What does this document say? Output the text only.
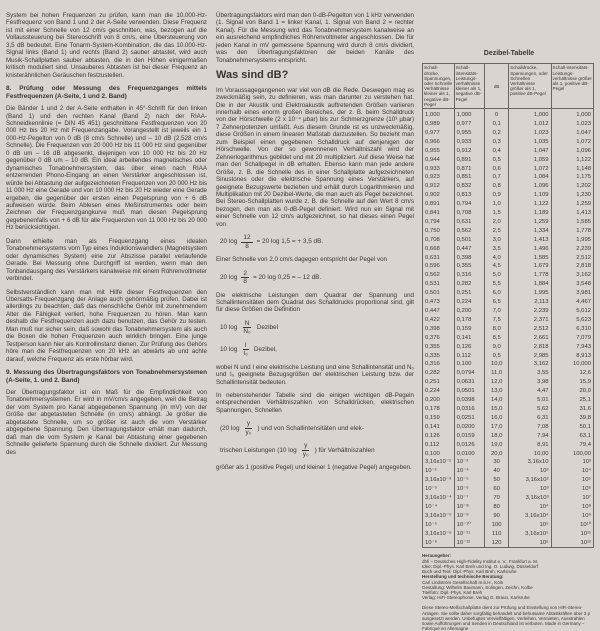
System bei hohen Frequenzen zu prüfen, kann man die 10.000-Hz-Festfrequenz von Band 1 und 2 der A-Seite verwenden. Diese Frequenz ist mit einer Schnelle von 12 cm/s geschnitten, was, bezogen auf die Vollaussteuerung bei Stereoschrift von 8 cm/s, eine Übersteuerung von 3,5 dB bedeutet. Eine Tonarm-System-Kombination, die das 10.000-Hz-Signal links (Band 1) und rechts (Band 2) sauber abtastet, wird auch Musik-Schallplatten sauber abtasten, die in den Höhen einigermaßen kritisch moduliert sind. Unsauberes Abtasten ist bei dieser Frequenz an knisterähnlichen Geräuschen festzustellen.

8. Prüfung oder Messung des Frequenzganges mittels Festfrequenzen (A-Seite, 1 und 2. Band)

Die Bänder 1 und 2 der A-Seite enthalten in 45°-Schrift für den linken (Band 1) und den rechten Kanal (Band 2) nach der RIAA-Schneidkennlinie (= DIN 45 451) geschnittene Festfrequenzen von 20 000 Hz bis 20 Hz mit Frequenzangabe. Vorangestellt ist jeweils ein 1 000-Hz-Pegelton von 0 dB (8 cm/s Schnelle) und – 10 dB (2,528 cm/s Schnelle). Die Frequenzen von 20 000 Hz bis 11 000 Hz sind gegenüber 0 dB um – 16 dB abgesenkt, diejenigen von 10 000 Hz bis 20 Hz gegenüber 0 dB um – 10 dB. Ein ideal arbeitendes magnetisches oder dynamisches Tonabnehmersystem, das über einen nach RIAA entzerrenden Phono-Eingang an einen Verstärker angeschlossen ist, würde bei Abtastung der aufgezeichneten Frequenzen von 20 000 Hz bis 11 000 Hz eine Gerade und von 10 000 Hz bis 20 Hz wieder eine Gerade ergeben, die gegenüber der ersten einen Pegelsprung von + 6 dB aufweisen würde. Beim Ablesen eines Meßinstrumentes oder beim Zeichnen der Frequenzgangkurve muß man diesen Pegelsprung gegebenenfalls von + 6 dB für alle Frequenzen von 11 000 Hz bis 20 000 Hz berücksichtigen.

Dann erhielte man als Frequenzgang eines idealen Tonabnehmersystems vom Typ eines Induktionswandlers (Magnetsystem oder dynamisches System) eine zur Abszisse parallel verlaufende Gerade. Bei Messung ohne Durchgriff ist werden, wenn man den Tonbandausgang des Verstärkers kanalweise mit einem Röhrenvoltmeter verbindet.

Selbstverständlich kann man mit Hilfe dieser Festfrequenzen den Übersatts-Frequenzgang der Anlage auch gehörmäßig prüfen. Dabei ist allerdings zu beachten, daß das menschliche Gehör mit zunehmendem Alter die Fähigkeit verliert, hohe Frequenzen zu hören. Man kann deshalb die Festfrequenzen auch dazu benutzen, das Gehör zu testen. Man muß nur sicher sein, daß sowohl das Tonabnehmersystem als auch die Boxen die hohen Frequenzen auch wirklich bringen. Eine junge Testperson kann hier als Kontrollinstanz dienen. Zur Prüfung des Gehörs höre man die Festfrequenzen von 20 kHz an abwärts ab und achte darauf, welche Frequenz als erste hörbar wird.

9. Messung des Übertragungsfaktors von Tonabnehmersystemen (A-Seite, 1. und 2. Band)

Der Übertragungsfaktor ist ein Maß für die Empfindlichkeit von Tonabnehmersystemen. Er wird in mV/cm/s angegeben, weil die Betrag der vom System pro Kanal abgegebenen Spannung (in mV) von der Größe der abgetasteten Schnelle (in cm/s) abhängt. Je größer die abgetastete Schnelle, um so größer ist auch die vom Verstärker abgegebene Spannung. Den Übertragungsfaktor erhält man dadurch, daß man die vom System je Kanal bei Abtastung einer gegebenen Schnelle gelieferte Spannung durch die Schnelle dividiert. Zur Messung des

Übertragungsfaktors wird man den 0-dB-Pegelton von 1 kHz verwenden (1. Signal von Band 1 = linker Kanal, 1. Signal von Band 2 = rechter Kanal). Für die Messung wird das Tonabnehmersystem kanalweise an ein ausreichend empfindliches Röhrenvoltmeter angeschlossen. Die für jeden Kanal in mV gemessene Spannung wird durch 8 cm/s dividiert, was den Übertragungsfaktoren der beiden Kanäle des Tonabnehmersystems entspricht.

Was sind dB?

Im Voraussagegangenen war viel von dB die Rede. Deswegen mag es zweckmäßig sein, zu definieren, was man darunter zu verstehen hat. Die in der Akustik und Elektroakustik auftretenden Größen variieren innerhalb eines enorm großen Bereiches, der z. B. beim Schalldruck von der Hörschwelle (2 x 10⁻⁴ µbar) bis zur Schmerzgrenze (10³ µbar) 7 Zehnerpotenzen umfaßt. Aus diesem Grunde ist es unzweckmäßig, diese Größen in einem linearen Maßstab darzustellen. So bezieht man zum Beispiel einen gegebenen Schalldruck auf denjenigen der Hörschwelle. Von der so gewonnenen Verhältniszahl wird der Zehnerlogarithmus gebildet und mit 20 multipliziert. Auf diese Weise hat man den Schallpegel in dB erhalten. Ebenso kann man jede andere Größe, z. B. die Schnelle des in einer Schallplatte aufgezeichneten Sinustones oder die elektrische Spannung eines Verstärkers, auf geeignete Bezugswerte beziehen und erhält durch Logarithmieren und Multiplikation mit 20 Dezibel-Werte, die man auch als Pegel bezeichnet. Bei Stereo-Schallplatten wurde z. B. die Schnelle auf den Wert 8 cm/s bezogen, den man als 0-dB-Pegel definiert. Wird nun ein Signal mit einer Schnelle von 12 cm/s aufgezeichnet, so hat dieses einen Pegel von

20 $\log \frac{12}{8} = 20$ log 1,5 = + 3,5 dB.

Einer Schnelle von 2,0 cm/s dagegen entspricht der Pegel von

20 $\log \frac{2}{8} = 20$ log 0,25 = – 12 dB.

Die elektrische Leistungen dem Quadrat der Spannung und Schallintensitäten dem Quadrat des Schalldrucks proportional sind, gilt für diese Größen die Definition

10 $\log \frac{N}{\text{N₀}}$ Dezibel
10 $\log \frac{I}{\text{I₀}}$ Dezibel,

wobei N und I eine elektrische Leistung und eine Schallintensität und N₀ und I₀ geeignete Bezugsgrößen der elektrischen Leistung bzw. der Schallintensität bedeuten.

In nebenstehender Tabelle sind die einigen wichtigen dB-Pegeln entsprechenden Verhältniszahlen von Schalldrücken, elektrischen Spannungen, Schnellen

(20 $\log \frac{y}{\text{y₀}}$ ) und von Schallintensitäten und elek-
trischen Leistungen (10 $\log \frac{y}{\text{y₀}}$ ) für Verhältniszahlen

größer als 1 (positive Pegel) und kleiner 1 (negative Pegel) angegeben.

Dezibel-Tabelle
Schall-drücke, Spannungen, oder Schnelle Verhältnisse kleiner als 1, negative dB-Pegel	Schall-intensitäts-Leistungs-verhältnisse kleiner als 1, negative dB-Pegel	dB	Schalldrücke, Spannungen, oder Schnellen Verhältnisse größer als 1, positive dB-Pegel	Schall-intensitäts-Leistungs-verhältnisse größer als 1, positive dB-Pegel
1,000	1,000	0	1,000	1,000
0,989	0,977	0,1	1,012	1,023
0,977	0,955	0,2	1,023	1,047
0,966	0,933	0,3	1,035	1,072
0,955	0,912	0,4	1,047	1,096
0,944	0,891	0,5	1,059	1,122
0,933	0,871	0,6	1,072	1,148
0,923	0,851	0,7	1,084	1,175
0,912	0,832	0,8	1,096	1,202
0,902	0,813	0,9	1,109	1,230
0,891	0,794	1,0	1,122	1,259
0,841	0,708	1,5	1,189	1,413
0,794	0,631	2,0	1,259	1,585
0,750	0,562	2,5	1,334	1,778
0,708	0,501	3,0	1,413	1,995
0,668	0,447	3,5	1,496	2,239
0,631	0,398	4,0	1,585	2,512
0,596	0,355	4,5	1,679	2,818
0,562	0,316	5,0	1,778	3,162
0,531	0,282	5,5	1,884	3,548
0,501	0,251	6,0	1,995	3,981
0,473	0,224	6,5	2,113	4,467
0,447	0,200	7,0	2,239	5,012
0,422	0,178	7,5	2,371	5,623
0,398	0,159	8,0	2,512	6,310
0,376	0,141	8,5	2,661	7,079
0,355	0,126	9,0	2,818	7,943
0,335	0,112	9,5	2,985	8,913
0,316	0,100	10,0	3,162	10,000
0,282	0,0794	11,0	3,55	12,6
0,251	0,0631	12,0	3,98	15,9
0,224	0,0501	13,0	4,47	20,0
0,200	0,0398	14,0	5,01	25,1
0,178	0,0316	15,0	5,62	31,6
0,159	0,0251	16,0	6,31	39,8
0,141	0,0200	17,0	7,08	50,1
0,126	0,0159	18,0	7,94	63,1
0,112	0,0126	19,0	8,91	79,4
0,100	0,0100	20,0	10,00	100,00
3,16x10⁻²	10⁻³	30	3,16x10	10³
10⁻²	10⁻⁴	40	10²	10⁴
3,16x10⁻³	10⁻⁵	50	3,16x10²	10⁵
10⁻³	10⁻⁶	60	10³	10⁶
3,16x10⁻⁴	10⁻⁷	70	3,16x10³	10⁷
10⁻⁴	10⁻⁸	80	10⁴	10⁸
3,16x10⁻⁵	10⁻⁹	90	3,16x10⁴	10⁹
10⁻⁵	10⁻¹⁰	100	10⁵	10¹⁰
3,16x10⁻⁶	10⁻¹¹	110	3,16x10⁵	10¹¹
10⁻⁶	10⁻¹²	120	10⁶	10¹²
Herausgeber:
dhfi – Deutsches High-Fidelity Institut e. V., Frankfurt a. M.
Idee: Dipl.-Phys. Karl Breh und Ing. O. Ludwig, Düsseldorf
Buch und Text: Dipl.-Phys. Karl Breh, Karlsruhe
Herstellung und technische Beratung:
Carl Lindström Gesellschaft m.b.H., Köln
Gestaltung: Wilhelm Baumann, Solingen, Zeichn. Kolbe
Titelfoto: Dipl.-Phys. Karl Breh
Verlag: HiFi-Stereophonie, Verlag G. Braun, Karlsruhe
Diese Stereo-Meßschallplatte dient zur Prüfung und Einstellung von HiFi-Stereo-Anlagen. Sie sollte daher sorgfältig behandelt und behutsame Abtastkräften über 3 p ausgesetzt werden. Unbefugtes Vervielfältigen, Verleihen, Vermieten, Ausstrahlen sowie Aufführungen und Senden in Deutschland ist verboten. Made in Germany – Fabriqué en Allemagne
